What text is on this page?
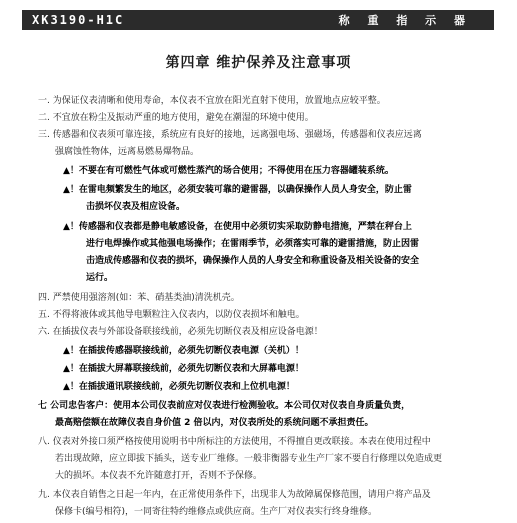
XK3190-H1C	称 重 指 示 器
第四章 维护保养及注意事项
一. 为保证仪表清晰和使用寿命，本仪表不宜放在阳光直射下使用，放置地点应较平整。
二. 不宜放在粉尘及振动严重的地方使用，避免在潮湿的环境中使用。
三. 传感器和仪表须可靠连接，系统应有良好的接地，远离强电场、强磁场，传感器和仪表应远离
强腐蚀性物体，远离易燃易爆物品。
▲！不要在有可燃性气体或可燃性蒸汽的场合使用；不得使用在压力容器罐装系统。
▲！在雷电频繁发生的地区，必须安装可靠的避雷器，以确保操作人员人身安全，防止雷
击损坏仪表及相应设备。
▲！传感器和仪表都是静电敏感设备，在使用中必须切实采取防静电措施，严禁在秤台上
进行电焊操作或其他强电场操作；在雷雨季节，必须落实可靠的避雷措施，防止因雷
击造成传感器和仪表的损坏，确保操作人员的人身安全和称重设备及相关设备的安全
运行。
四. 严禁使用强溶剂(如：苯、硝基类油)清洗机壳。
五. 不得将液体或其他导电颗粒注入仪表内，以防仪表损坏和触电。
六. 在插拔仪表与外部设备联接线前，必须先切断仪表及相应设备电源！
▲！在插拔传感器联接线前，必须先切断仪表电源（关机）！
▲！在插拔大屏幕联接线前，必须先切断仪表和大屏幕电源！
▲！在插拔通讯联接线前，必须先切断仪表和上位机电源！
七 公司忠告客户：使用本公司仪表前应对仪表进行检测验收。本公司仅对仪表自身质量负责，
最高赔偿额在故障仪表自身价值 2 倍以内，对仪表所处的系统问题不承担责任。
八. 仪表对外接口须严格按使用说明书中所标注的方法使用，不得擅自更改联接。本表在使用过程中
若出现故障，应立即拔下插头，送专业厂维修。一般非衡器专业生产厂家不要自行修理以免造成更
大的损坏。本仪表不允许随意打开，否则不予保修。
九. 本仪表自销售之日起一年内，在正常使用条件下，出现非人为故障属保修范围，请用户将产品及
保修卡(编号相符)，一同寄往特约维修点或供应商。生产厂对仪表实行终身维修。
